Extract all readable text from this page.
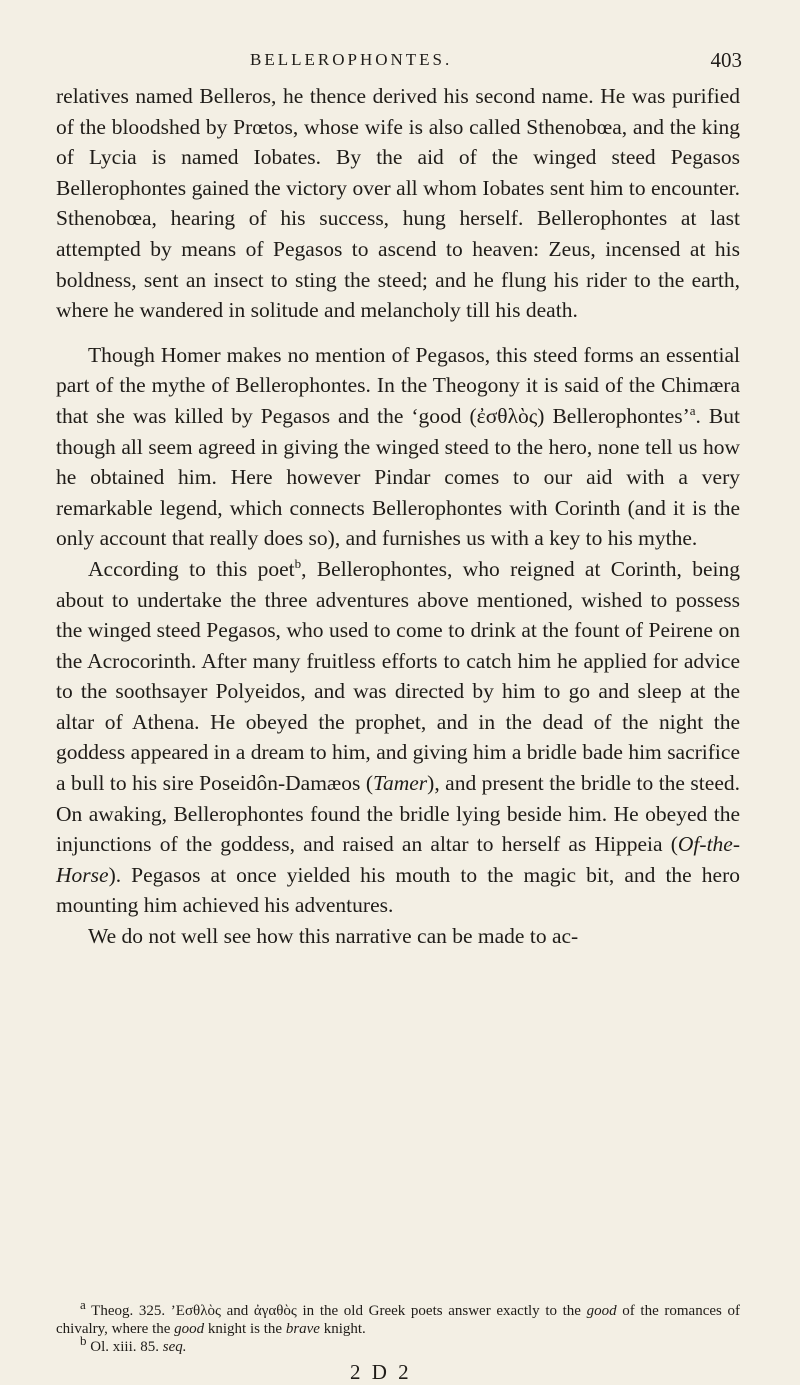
BELLEROPHONTES.	403

relatives named Belleros, he thence derived his second name. He was purified of the bloodshed by Prœtos, whose wife is also called Sthenobœa, and the king of Lycia is named Iobates. By the aid of the winged steed Pegasos Bellerophontes gained the victory over all whom Iobates sent him to encounter. Sthenobœa, hearing of his success, hung herself. Bellerophontes at last attempted by means of Pegasos to ascend to heaven: Zeus, incensed at his boldness, sent an insect to sting the steed; and he flung his rider to the earth, where he wandered in solitude and melancholy till his death.

Though Homer makes no mention of Pegasos, this steed forms an essential part of the mythe of Bellerophontes. In the Theogony it is said of the Chimæra that she was killed by Pegasos and the ‘good (ἐσθλὸς) Bellerophontes’$^a$. But though all seem agreed in giving the winged steed to the hero, none tell us how he obtained him. Here however Pindar comes to our aid with a very remarkable legend, which connects Bellerophontes with Corinth (and it is the only account that really does so), and furnishes us with a key to his mythe.

According to this poet$^b$, Bellerophontes, who reigned at Corinth, being about to undertake the three adventures above mentioned, wished to possess the winged steed Pegasos, who used to come to drink at the fount of Peirene on the Acrocorinth. After many fruitless efforts to catch him he applied for advice to the soothsayer Polyeidos, and was directed by him to go and sleep at the altar of Athena. He obeyed the prophet, and in the dead of the night the goddess appeared in a dream to him, and giving him a bridle bade him sacrifice a bull to his sire Poseidôn-Damæos (Tamer), and present the bridle to the steed. On awaking, Bellerophontes found the bridle lying beside him. He obeyed the injunctions of the goddess, and raised an altar to herself as Hippeia (Of-the-Horse). Pegasos at once yielded his mouth to the magic bit, and the hero mounting him achieved his adventures.

We do not well see how this narrative can be made to ac-

$^a$ Theog. 325. ’Εσθλὸς and ἀγαθὸς in the old Greek poets answer exactly to the good of the romances of chivalry, where the good knight is the brave knight.

$^b$ Ol. xiii. 85. seq.

2 D 2
